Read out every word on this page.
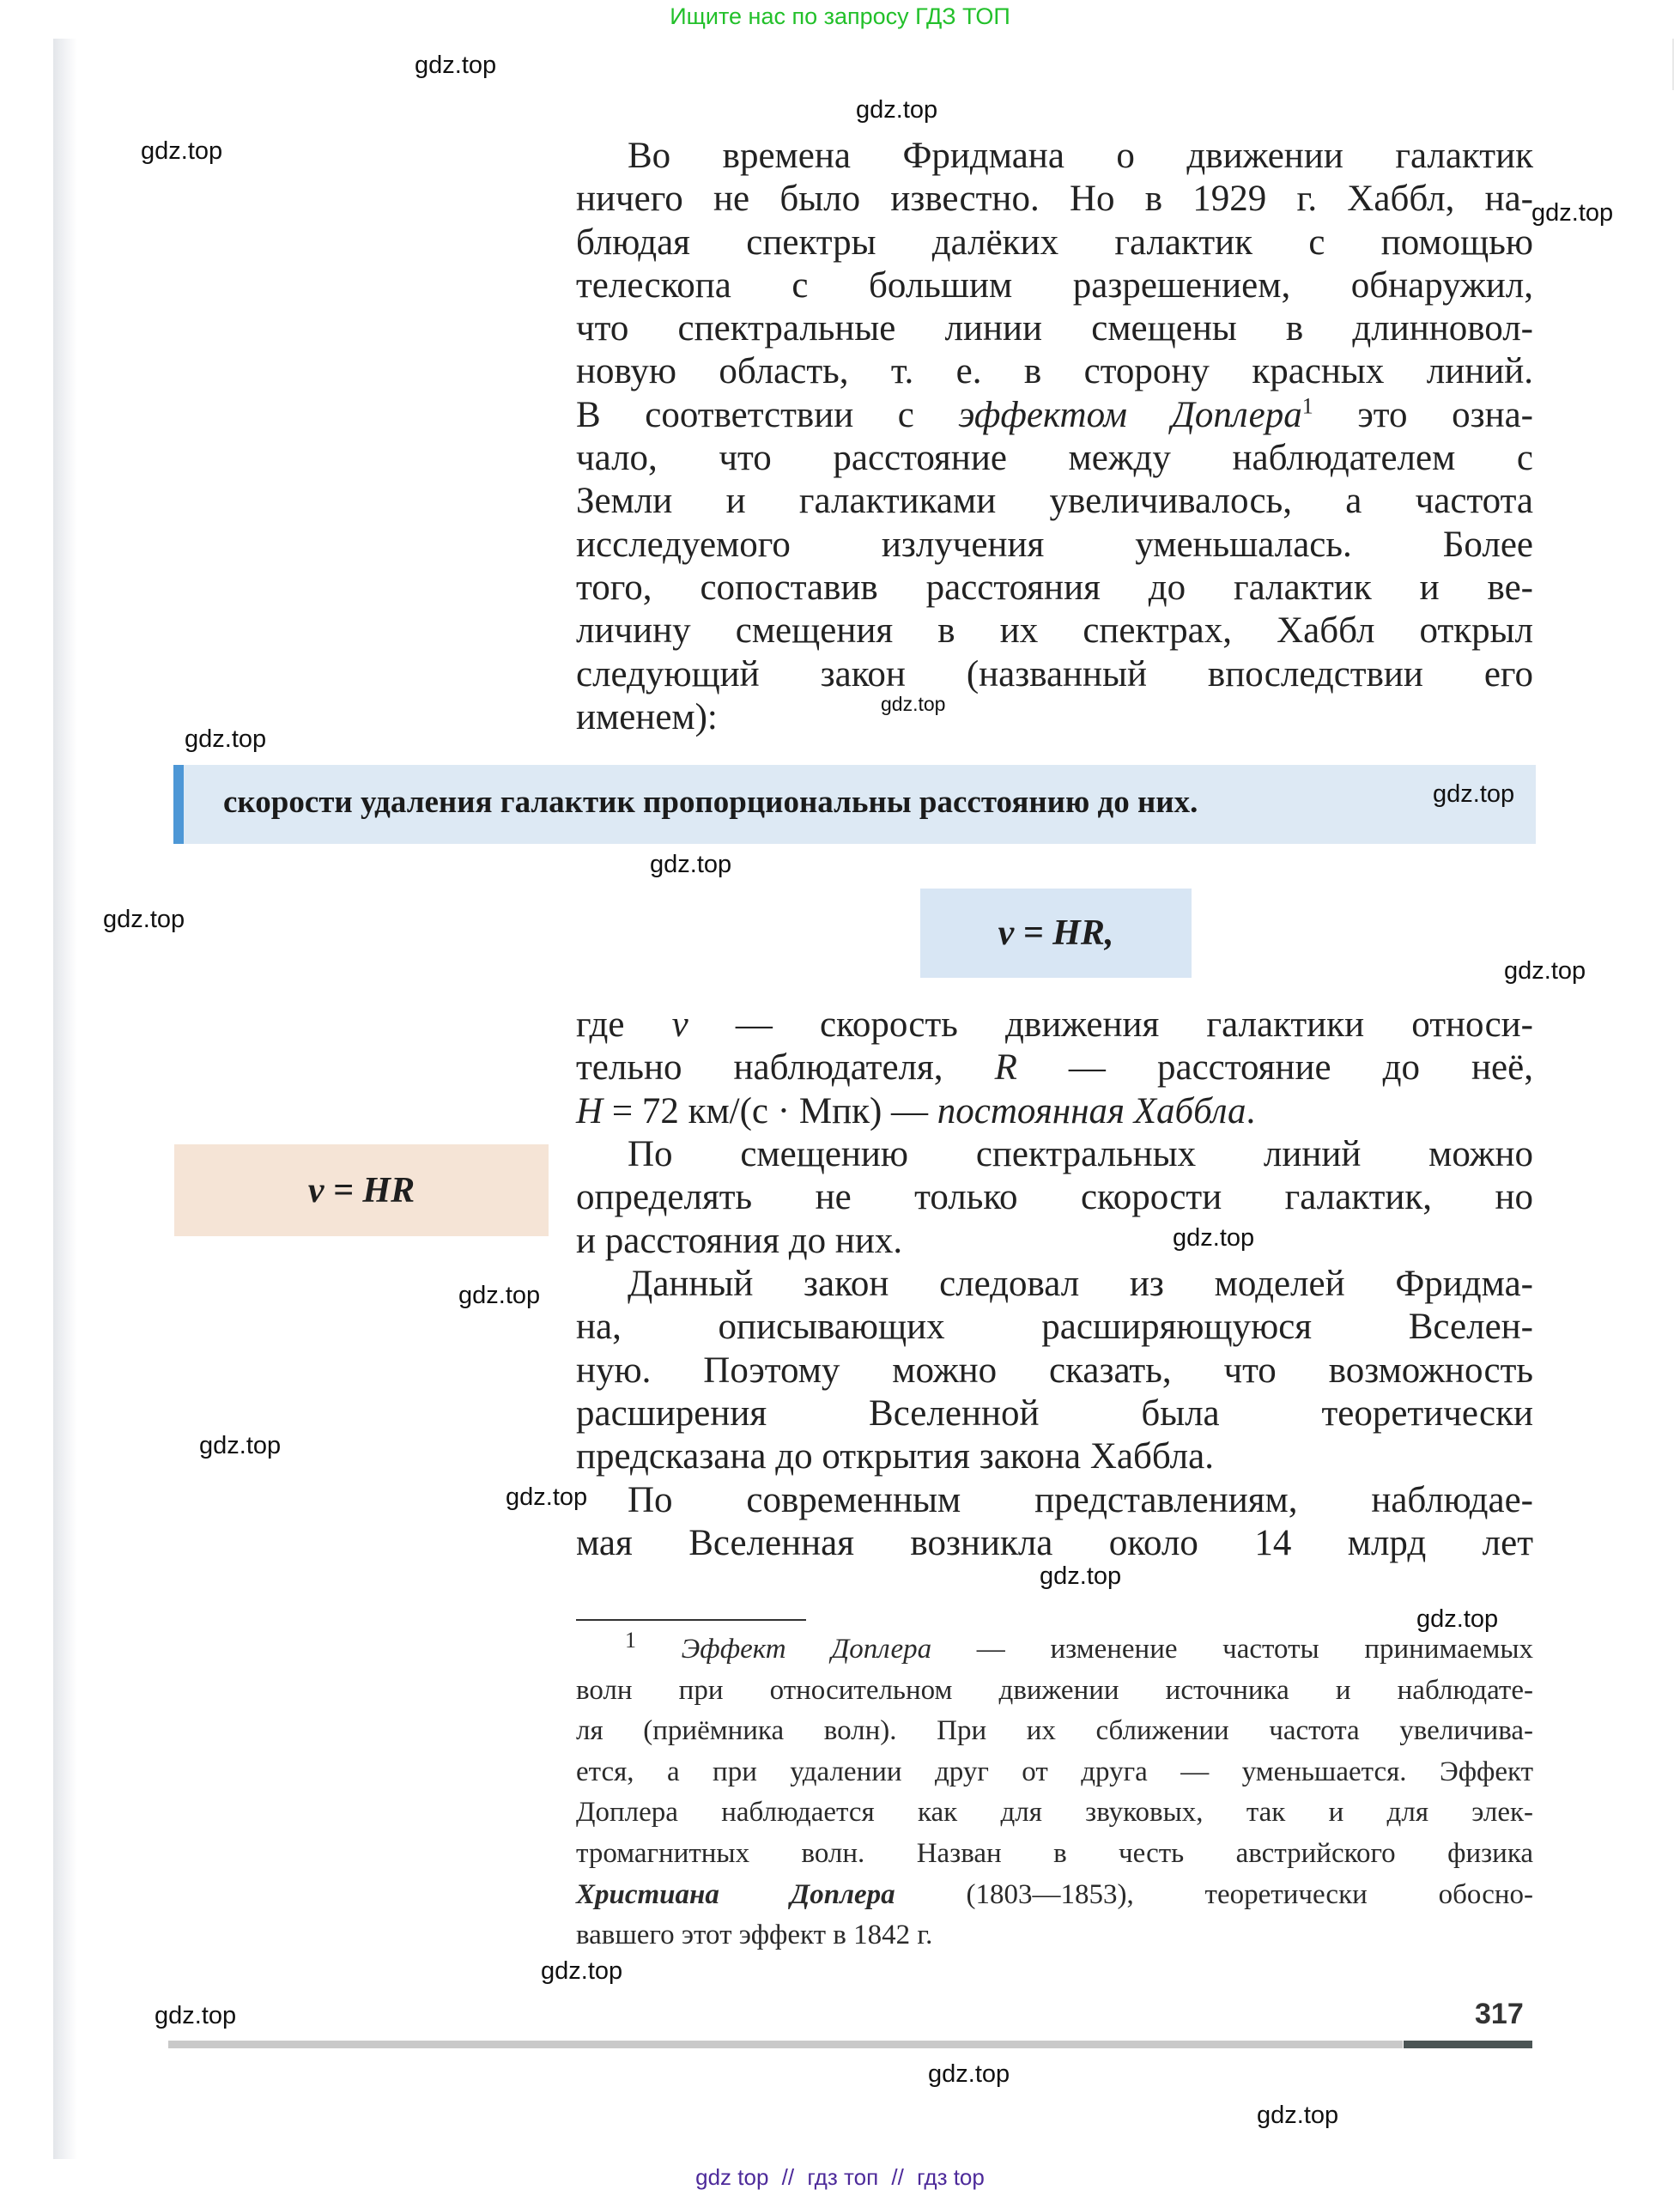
Ищите нас по запросу ГДЗ ТОП
Во времена Фридмана о движении галактик
ничего не было известно. Но в 1929 г. Хаббл, на-
блюдая спектры далёких галактик с помощью
телескопа с большим разрешением, обнаружил,
что спектральные линии смещены в длинновол-
новую область, т. е. в сторону красных линий.
В соответствии с эффектом Доплера$^1$ это озна-
чало, что расстояние между наблюдателем с
Земли и галактиками увеличивалось, а частота
исследуемого излучения уменьшалась. Более
того, сопоставив расстояния до галактик и ве-
личину смещения в их спектрах, Хаббл открыл
следующий закон (названный впоследствии его
именем):
скорости удаления галактик пропорциональны расстоянию до них.
v = HR,
где v — скорость движения галактики относи-
тельно наблюдателя, R — расстояние до неё,
H = 72 км/(с · Мпк) — постоянная Хаббла.
v = HR
По смещению спектральных линий можно
определять не только скорости галактик, но
и расстояния до них.
Данный закон следовал из моделей Фридма-
на, описывающих расширяющуюся Вселен-
ную. Поэтому можно сказать, что возможность
расширения Вселенной была теоретически
предсказана до открытия закона Хаббла.
По современным представлениям, наблюдае-
мая Вселенная возникла около 14 млрд лет
$^1$ Эффект Доплера — изменение частоты принимаемых
волн при относительном движении источника и наблюдате-
ля (приёмника волн). При их сближении частота увеличива-
ется, а при удалении друг от друга — уменьшается. Эффект
Доплера наблюдается как для звуковых, так и для элек-
тромагнитных волн. Назван в честь австрийского физика
Христиана Доплера (1803—1853), теоретически обосно-
вавшего этот эффект в 1842 г.
317
gdz.top
gdz.top
gdz.top
gdz.top
gdz.top
gdz.top
gdz.top
gdz.top
gdz.top
gdz.top
gdz.top
gdz.top
gdz.top
gdz.top
gdz.top
gdz.top
gdz.top
gdz.top
gdz.top
gdz.top
gdz top // гдз топ // гдз top
